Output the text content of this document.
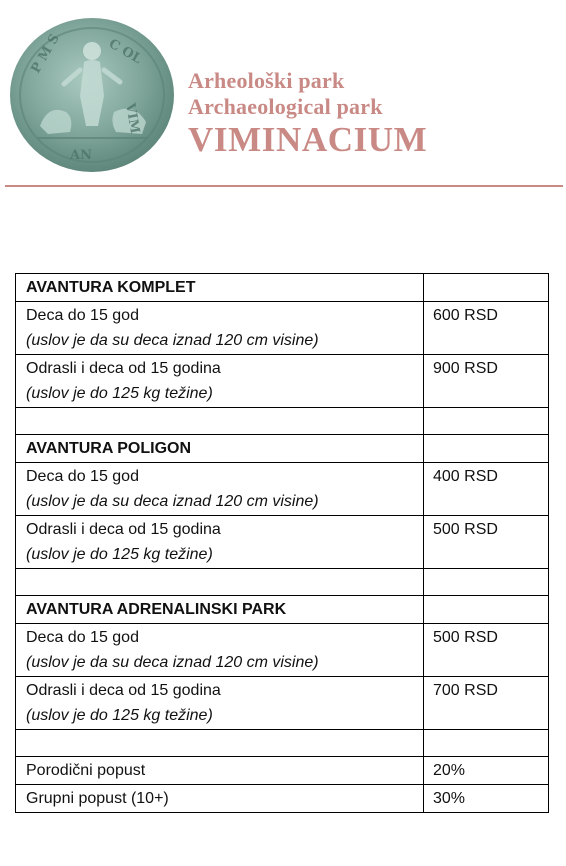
P M S	C OL
VIM
AN
Arheološki park
Archaeological park
VIMINACIUM
AVANTURA KOMPLET	
Deca do 15 god
(uslov je da su deca iznad 120 cm visine)	600 RSD
Odrasli i deca od 15 godina
(uslov je do 125 kg težine)	900 RSD

AVANTURA POLIGON	
Deca do 15 god
(uslov je da su deca iznad 120 cm visine)	400 RSD
Odrasli i deca od 15 godina
(uslov je do 125 kg težine)	500 RSD

AVANTURA ADRENALINSKI PARK	
Deca do 15 god
(uslov je da su deca iznad 120 cm visine)	500 RSD
Odrasli i deca od 15 godina
(uslov je do 125 kg težine)	700 RSD

Porodični popust	20%
Grupni popust (10+)	30%
